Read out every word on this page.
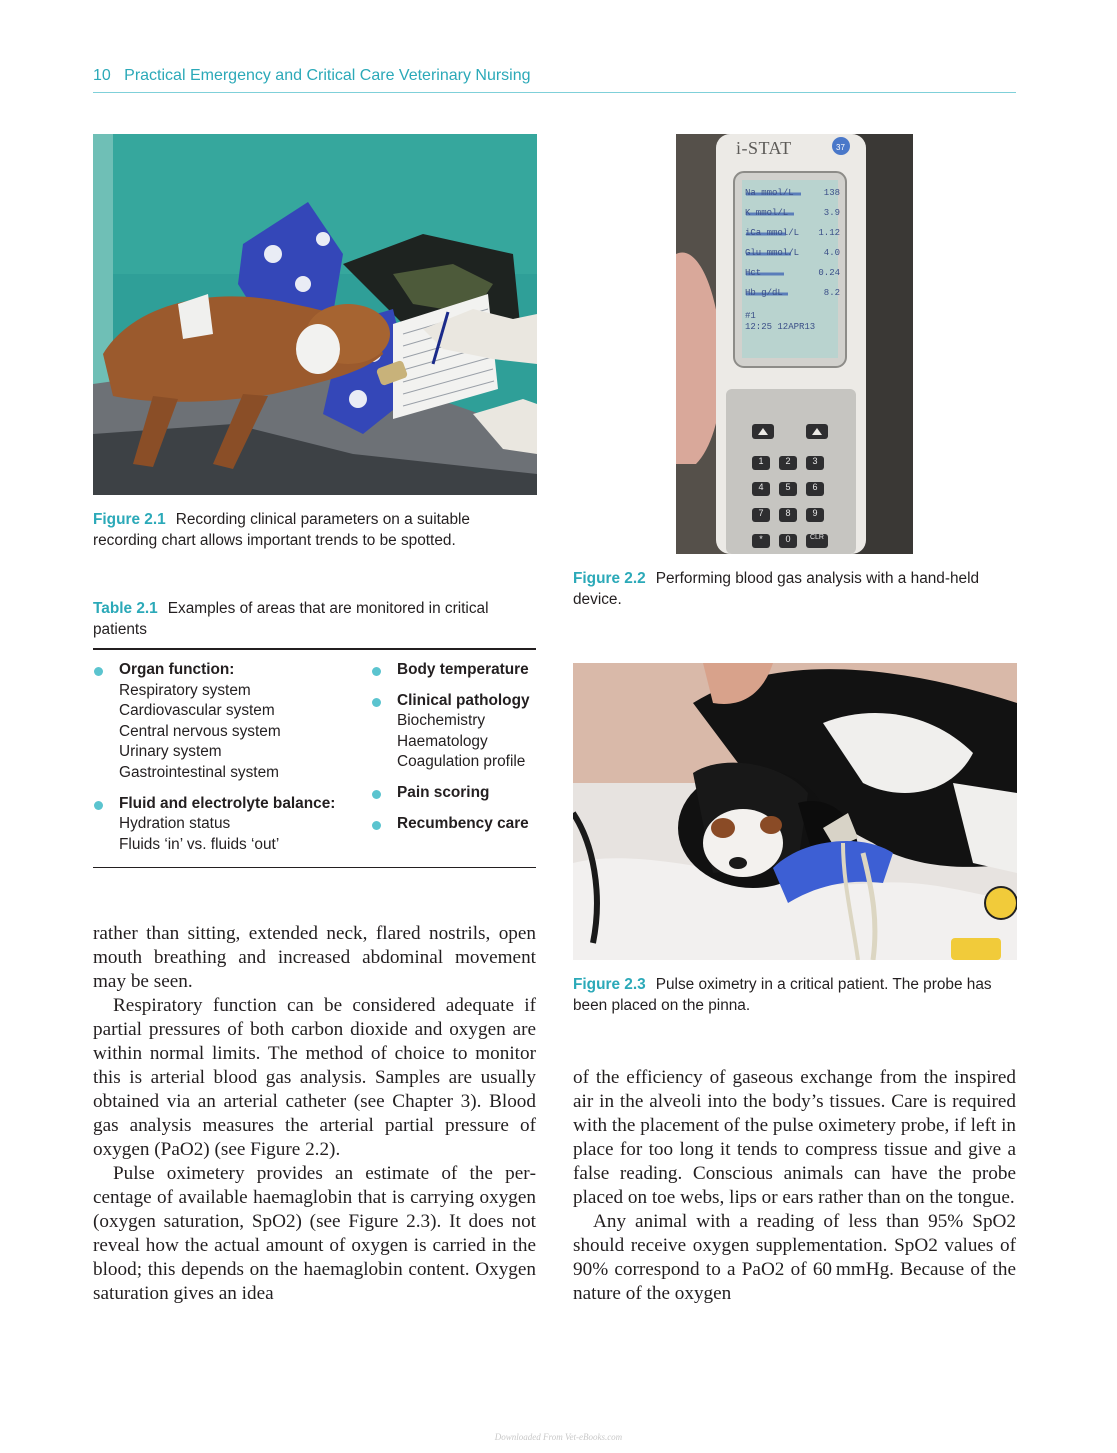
10 Practical Emergency and Critical Care Veterinary Nursing
Figure 2.1 Recording clinical parameters on a suitable recording chart allows important trends to be spotted.
i-STAT	37
Na mmol/L	138
K mmol/L	3.9
iCa mmol/L 1.12
Glu mmol/L	4.0
Hct	0.24
Hb g/dL	8.2
#1
12:25 12APR13
1	2	3
4	5	6
7	8	9
*	0	CLR
Figure 2.2 Performing blood gas analysis with a hand-held device.
Figure 2.3 Pulse oximetry in a critical patient. The probe has been placed on the pinna.
Table 2.1 Examples of areas that are monitored in critical patients
Organ function:
Respiratory system
Cardiovascular system
Central nervous system
Urinary system
Gastrointestinal system
Fluid and electrolyte balance:
Hydration status
Fluids ‘in’ vs. fluids ‘out’
Body temperature
Clinical pathology
Biochemistry
Haematology
Coagulation profile
Pain scoring
Recumbency care

rather than sitting, extended neck, flared nostrils, open mouth breathing and increased abdominal movement may be seen.

Respiratory function can be considered adequate if partial pressures of both carbon dioxide and oxygen are within normal limits. The method of choice to monitor this is arterial blood gas analysis. Samples are usually obtained via an arterial catheter (see Chapter 3). Blood gas analysis measures the arterial partial pressure of oxygen (PaO2) (see Figure 2.2).

Pulse oximetery provides an estimate of the percentage of available haemaglobin that is carrying oxygen (oxygen saturation, SpO2) (see Figure 2.3). It does not reveal how the actual amount of oxygen is carried in the blood; this depends on the haemaglobin content. Oxygen saturation gives an idea

of the efficiency of gaseous exchange from the inspired air in the alveoli into the body’s tissues. Care is required with the placement of the pulse oximetery probe, if left in place for too long it tends to compress tissue and give a false reading. Conscious animals can have the probe placed on toe webs, lips or ears rather than on the tongue.

Any animal with a reading of less than 95% SpO2 should receive oxygen supplementation. SpO2 values of 90% correspond to a PaO2 of 60 mmHg. Because of the nature of the oxygen

Downloaded From Vet-eBooks.com
